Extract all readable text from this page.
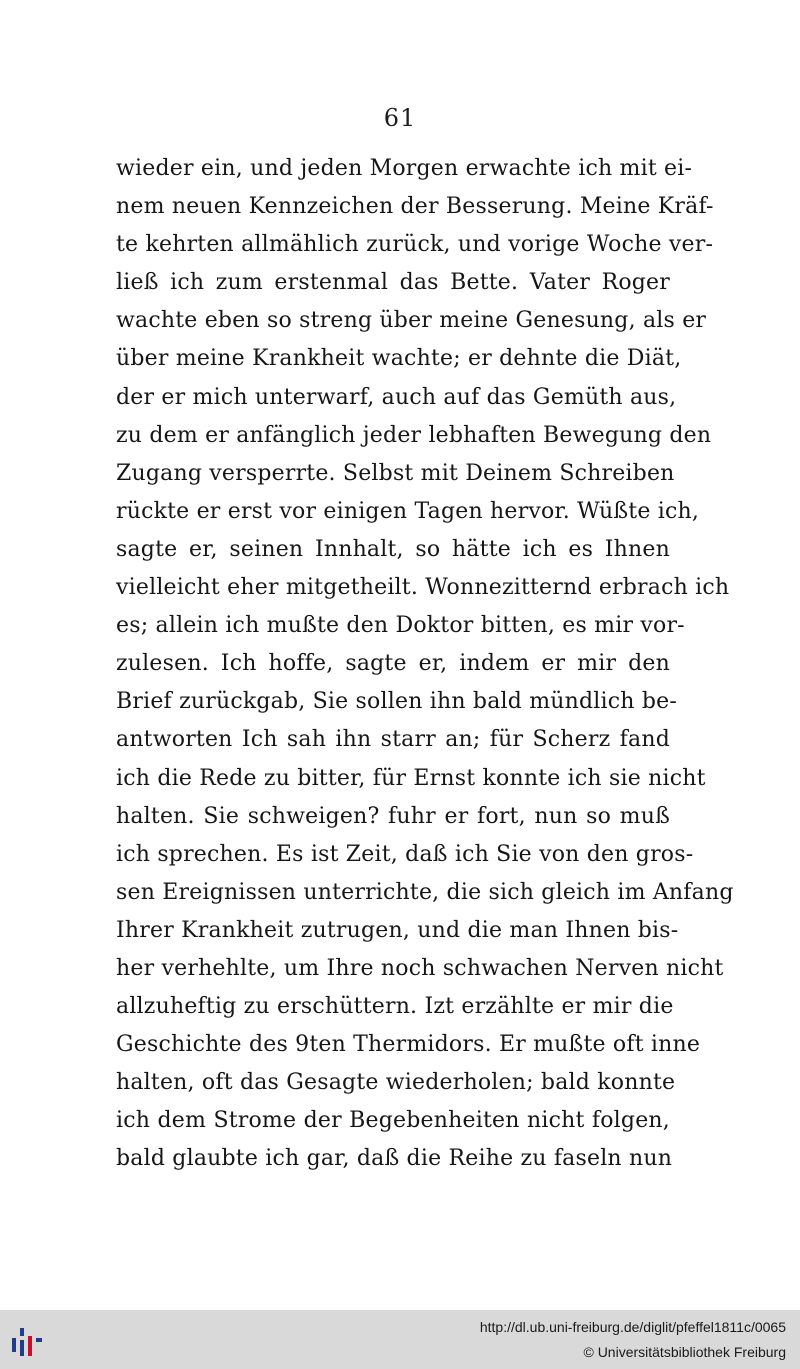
61
wieder ein, und jeden Morgen erwachte ich mit ei-
nem neuen Kennzeichen der Besserung. Meine Kräf-
te kehrten allmählich zurück, und vorige Woche ver-
ließ ich zum erstenmal das Bette. Vater Roger
wachte eben so streng über meine Genesung, als er
über meine Krankheit wachte; er dehnte die Diät,
der er mich unterwarf, auch auf das Gemüth aus,
zu dem er anfänglich jeder lebhaften Bewegung den
Zugang versperrte. Selbst mit Deinem Schreiben
rückte er erst vor einigen Tagen hervor. Wüßte ich,
sagte er, seinen Innhalt, so hätte ich es Ihnen
vielleicht eher mitgetheilt. Wonnezitternd erbrach ich
es; allein ich mußte den Doktor bitten, es mir vor-
zulesen. Ich hoffe, sagte er, indem er mir den
Brief zurückgab, Sie sollen ihn bald mündlich be-
antworten Ich sah ihn starr an; für Scherz fand
ich die Rede zu bitter, für Ernst konnte ich sie nicht
halten. Sie schweigen? fuhr er fort, nun so muß
ich sprechen. Es ist Zeit, daß ich Sie von den gros-
sen Ereignissen unterrichte, die sich gleich im Anfang
Ihrer Krankheit zutrugen, und die man Ihnen bis-
her verhehlte, um Ihre noch schwachen Nerven nicht
allzuheftig zu erschüttern. Izt erzählte er mir die
Geschichte des 9ten Thermidors. Er mußte oft inne
halten, oft das Gesagte wiederholen; bald konnte
ich dem Strome der Begebenheiten nicht folgen,
bald glaubte ich gar, daß die Reihe zu faseln nun
http://dl.ub.uni-freiburg.de/diglit/pfeffel1811c/0065
© Universitätsbibliothek Freiburg
